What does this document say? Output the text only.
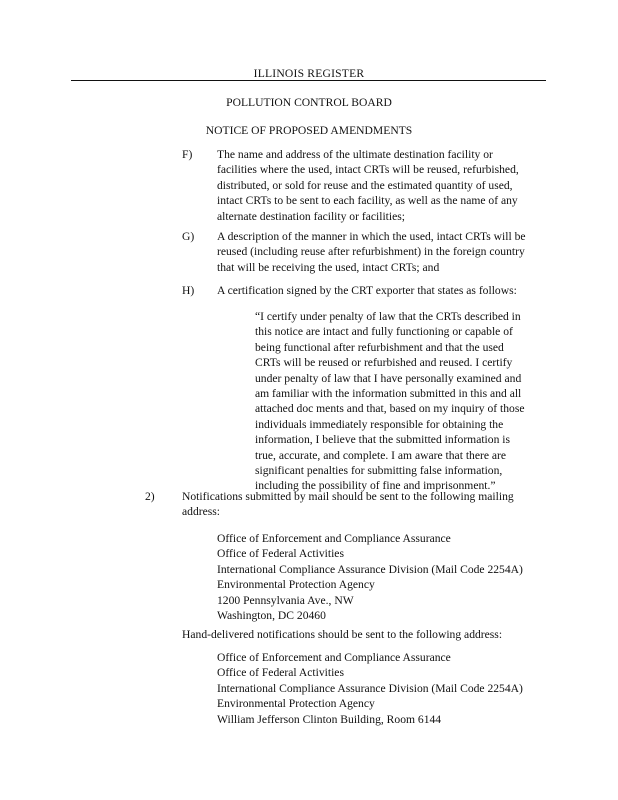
ILLINOIS REGISTER
POLLUTION CONTROL BOARD
NOTICE OF PROPOSED AMENDMENTS
F) The name and address of the ultimate destination facility or
facilities where the used, intact CRTs will be reused, refurbished,
distributed, or sold for reuse and the estimated quantity of used,
intact CRTs to be sent to each facility, as well as the name of any
alternate destination facility or facilities;
G) A description of the manner in which the used, intact CRTs will be
reused (including reuse after refurbishment) in the foreign country
that will be receiving the used, intact CRTs; and
H) A certification signed by the CRT exporter that states as follows:
“I certify under penalty of law that the CRTs described in
this notice are intact and fully functioning or capable of
being functional after refurbishment and that the used
CRTs will be reused or refurbished and reused. I certify
under penalty of law that I have personally examined and
am familiar with the information submitted in this and all
attached doc ments and that, based on my inquiry of those
individuals immediately responsible for obtaining the
information, I believe that the submitted information is
true, accurate, and complete. I am aware that there are
significant penalties for submitting false information,
including the possibility of fine and imprisonment.”
2) Notifications submitted by mail should be sent to the following mailing
address:
Office of Enforcement and Compliance Assurance
Office of Federal Activities
International Compliance Assurance Division (Mail Code 2254A)
Environmental Protection Agency
1200 Pennsylvania Ave., NW
Washington, DC 20460
Hand-delivered notifications should be sent to the following address:
Office of Enforcement and Compliance Assurance
Office of Federal Activities
International Compliance Assurance Division (Mail Code 2254A)
Environmental Protection Agency
William Jefferson Clinton Building, Room 6144
